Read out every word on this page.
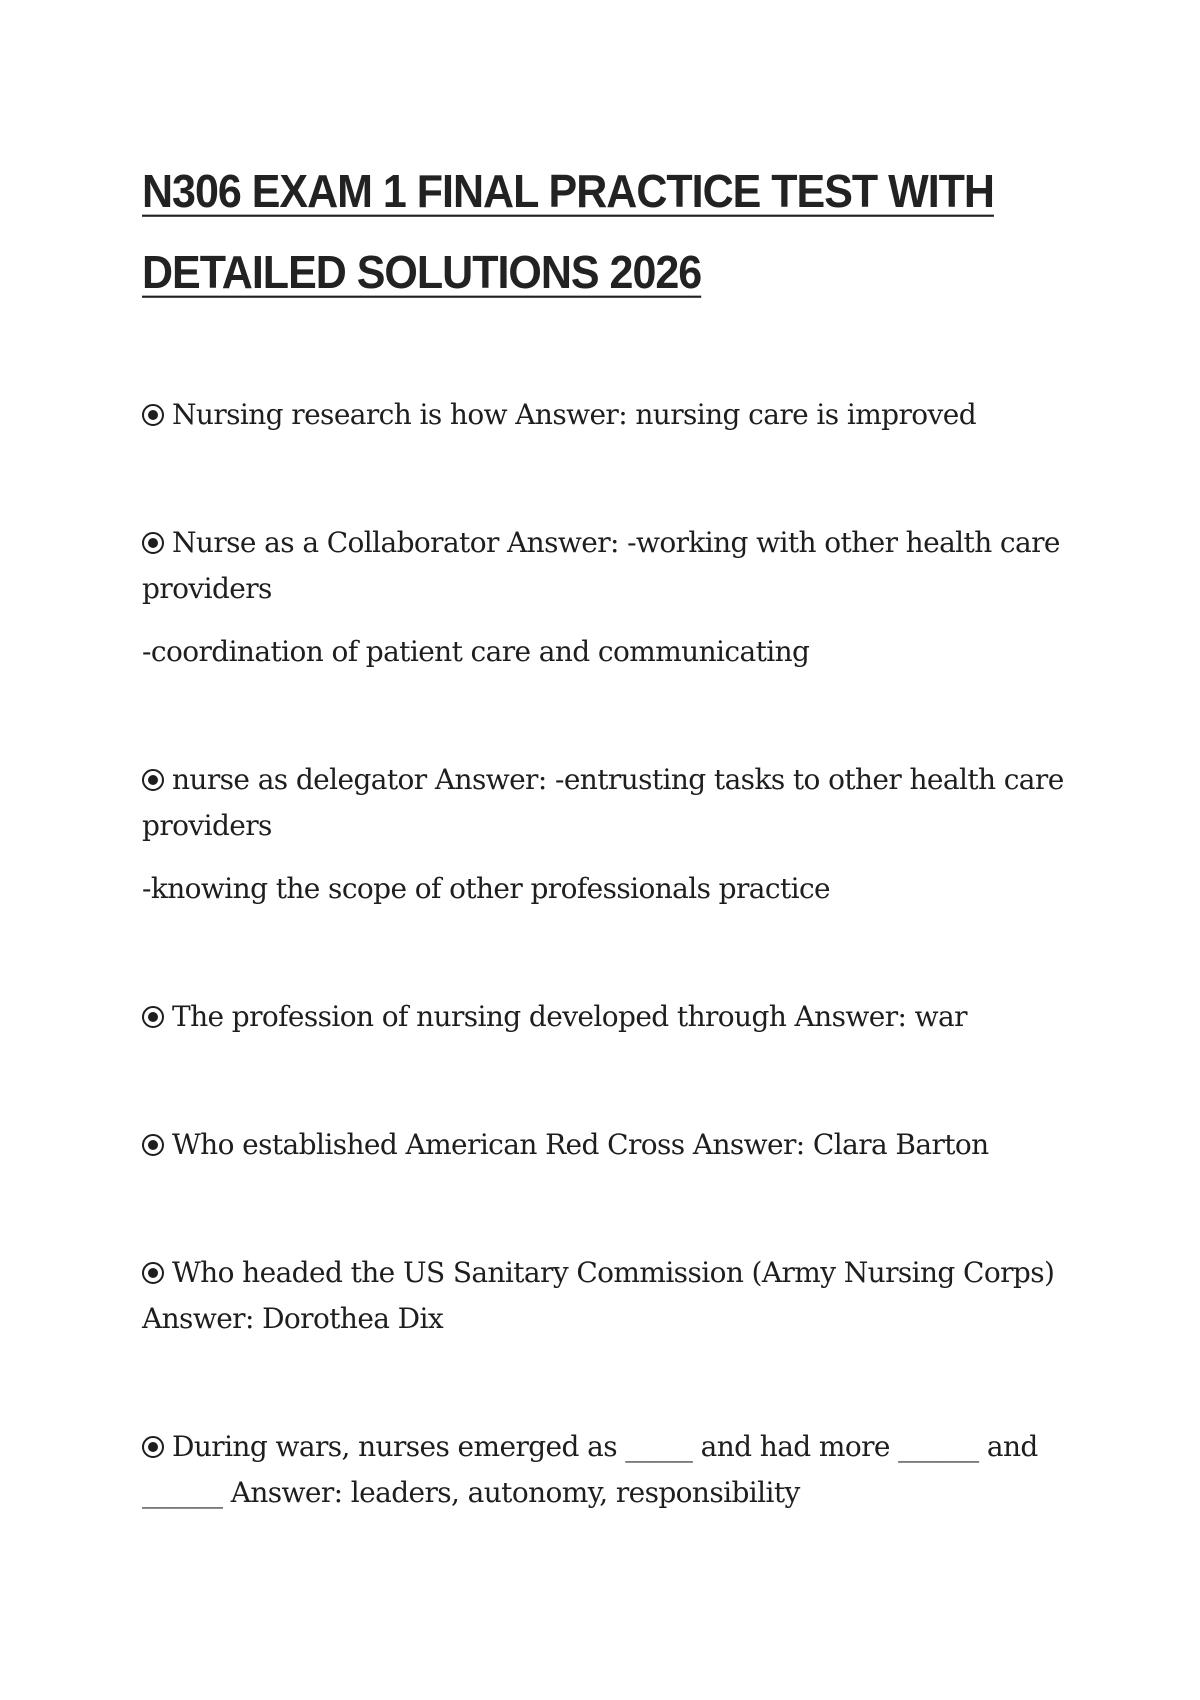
N306 EXAM 1 FINAL PRACTICE TEST WITH
DETAILED SOLUTIONS 2026

Nursing research is how Answer: nursing care is improved

Nurse as a Collaborator Answer: -working with other health care providers

-coordination of patient care and communicating

nurse as delegator Answer: -entrusting tasks to other health care providers

-knowing the scope of other professionals practice

The profession of nursing developed through Answer: war

Who established American Red Cross Answer: Clara Barton

Who headed the US Sanitary Commission (Army Nursing Corps) Answer: Dorothea Dix

During wars, nurses emerged as _____ and had more ______ and ______ Answer: leaders, autonomy, responsibility
